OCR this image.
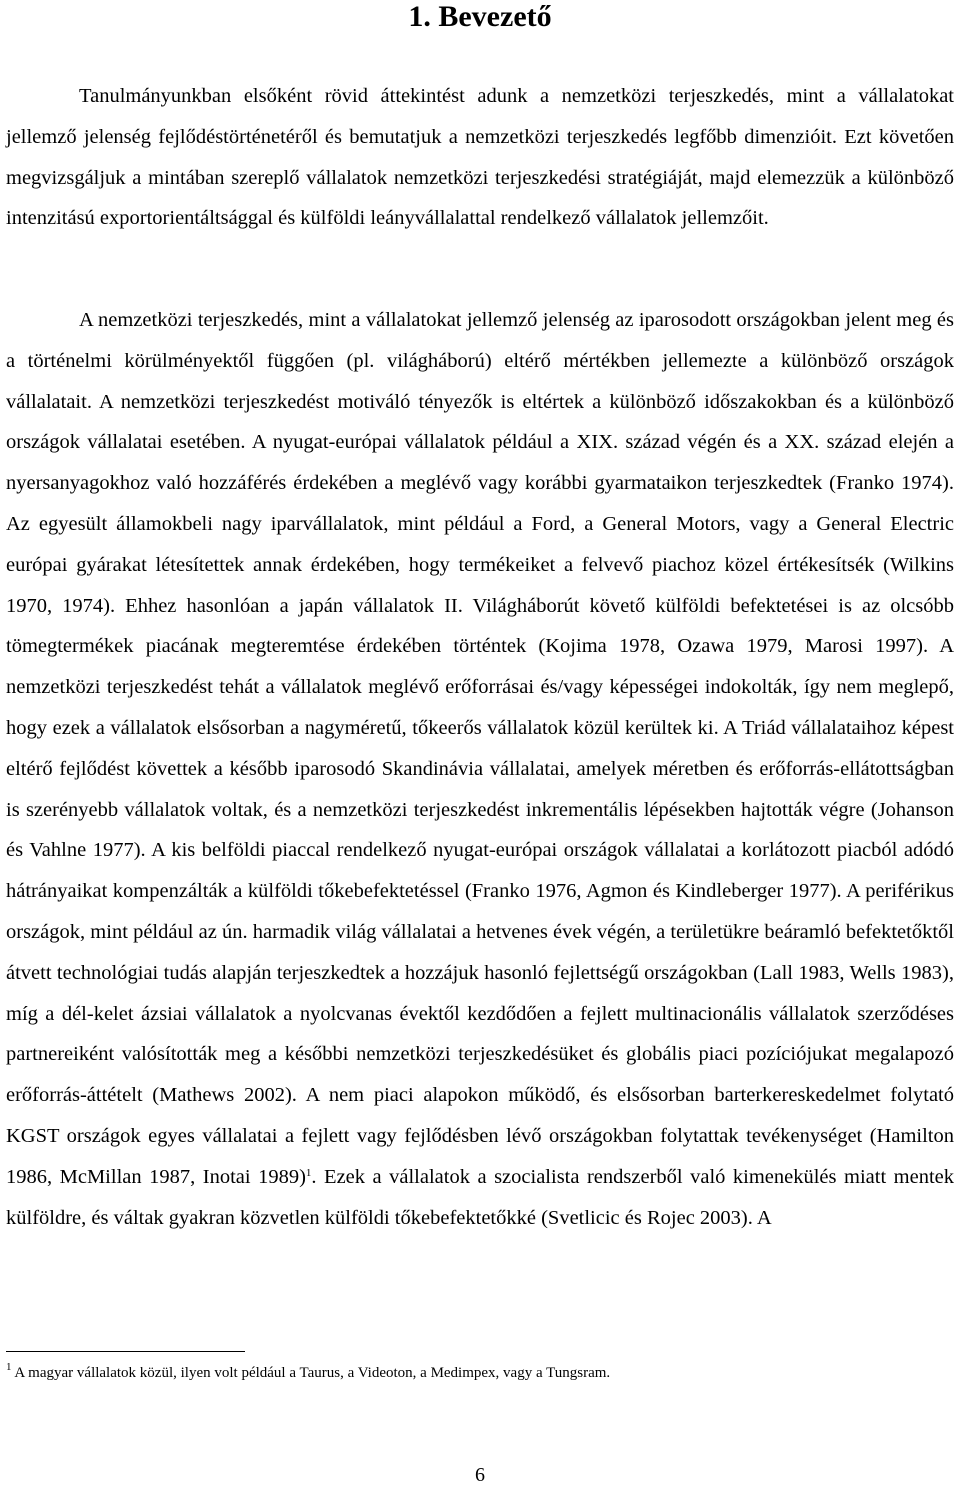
1. Bevezető

Tanulmányunkban elsőként rövid áttekintést adunk a nemzetközi terjeszkedés, mint a vállalatokat jellemző jelenség fejlődéstörténetéről és bemutatjuk a nemzetközi terjeszkedés legfőbb dimenzióit. Ezt követően megvizsgáljuk a mintában szereplő vállalatok nemzetközi terjeszkedési stratégiáját, majd elemezzük a különböző intenzitású exportorientáltsággal és külföldi leányvállalattal rendelkező vállalatok jellemzőit.

A nemzetközi terjeszkedés, mint a vállalatokat jellemző jelenség az iparosodott országokban jelent meg és a történelmi körülményektől függően (pl. világháború) eltérő mértékben jellemezte a különböző országok vállalatait. A nemzetközi terjeszkedést motiváló tényezők is eltértek a különböző időszakokban és a különböző országok vállalatai esetében. A nyugat-európai vállalatok például a XIX. század végén és a XX. század elején a nyersanyagokhoz való hozzáférés érdekében a meglévő vagy korábbi gyarmataikon terjeszkedtek (Franko 1974). Az egyesült államokbeli nagy iparvállalatok, mint például a Ford, a General Motors, vagy a General Electric európai gyárakat létesítettek annak érdekében, hogy termékeiket a felvevő piachoz közel értékesítsék (Wilkins 1970, 1974). Ehhez hasonlóan a japán vállalatok II. Világháborút követő külföldi befektetései is az olcsóbb tömegtermékek piacának megteremtése érdekében történtek (Kojima 1978, Ozawa 1979, Marosi 1997). A nemzetközi terjeszkedést tehát a vállalatok meglévő erőforrásai és/vagy képességei indokolták, így nem meglepő, hogy ezek a vállalatok elsősorban a nagyméretű, tőkeerős vállalatok közül kerültek ki. A Triád vállalataihoz képest eltérő fejlődést követtek a később iparosodó Skandinávia vállalatai, amelyek méretben és erőforrás-ellátottságban is szerényebb vállalatok voltak, és a nemzetközi terjeszkedést inkrementális lépésekben hajtották végre (Johanson és Vahlne 1977). A kis belföldi piaccal rendelkező nyugat-európai országok vállalatai a korlátozott piacból adódó hátrányaikat kompenzálták a külföldi tőkebefektetéssel (Franko 1976, Agmon és Kindleberger 1977). A periférikus országok, mint például az ún. harmadik világ vállalatai a hetvenes évek végén, a területükre beáramló befektetőktől átvett technológiai tudás alapján terjeszkedtek a hozzájuk hasonló fejlettségű országokban (Lall 1983, Wells 1983), míg a dél-kelet ázsiai vállalatok a nyolcvanas évektől kezdődően a fejlett multinacionális vállalatok szerződéses partnereiként valósították meg a későbbi nemzetközi terjeszkedésüket és globális piaci pozíciójukat megalapozó erőforrás-áttételt (Mathews 2002). A nem piaci alapokon működő, és elsősorban barterkereskedelmet folytató KGST országok egyes vállalatai a fejlett vagy fejlődésben lévő országokban folytattak tevékenységet (Hamilton 1986, McMillan 1987, Inotai 1989)$^1$. Ezek a vállalatok a szocialista rendszerből való kimenekülés miatt mentek külföldre, és váltak gyakran közvetlen külföldi tőkebefektetőkké (Svetlicic és Rojec 2003). A

$^1$ A magyar vállalatok közül, ilyen volt például a Taurus, a Videoton, a Medimpex, vagy a Tungsram.

6
